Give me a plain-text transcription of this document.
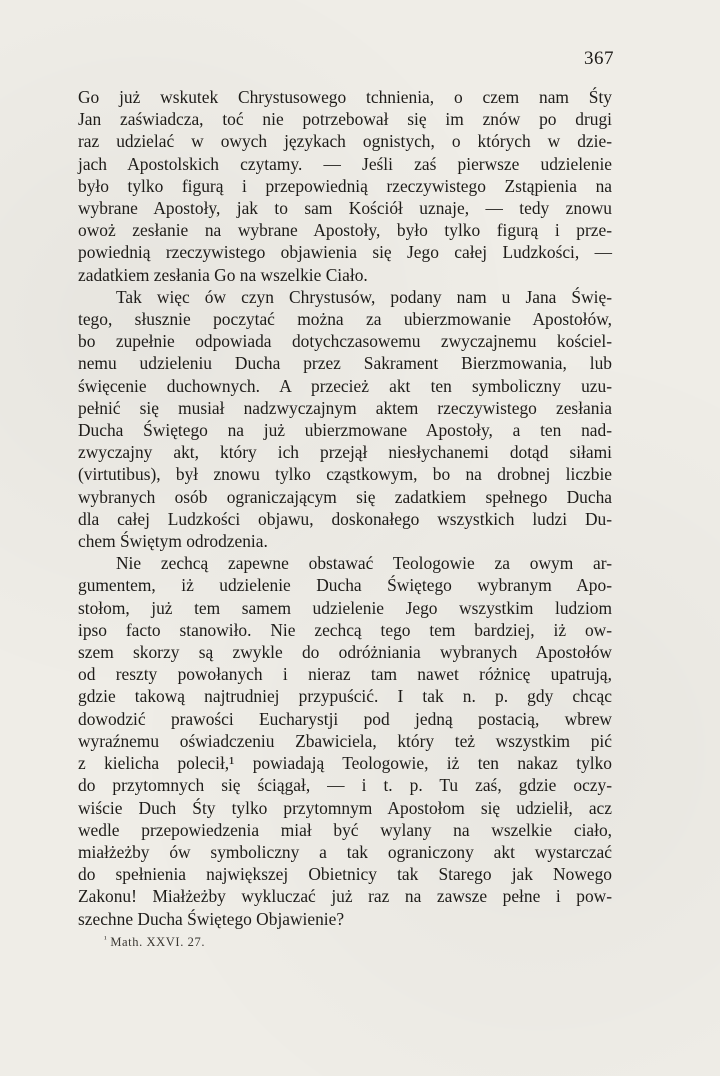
367
Go już wskutek Chrystusowego tchnienia, o czem nam Śty
Jan zaświadcza, toć nie potrzebował się im znów po drugi
raz udzielać w owych językach ognistych, o których w dzie-
jach Apostolskich czytamy. — Jeśli zaś pierwsze udzielenie
było tylko figurą i przepowiednią rzeczywistego Zstąpienia na
wybrane Apostoły, jak to sam Kościół uznaje, — tedy znowu
owoż zesłanie na wybrane Apostoły, było tylko figurą i prze-
powiednią rzeczywistego objawienia się Jego całej Ludzkości, —
zadatkiem zesłania Go na wszelkie Ciało.
Tak więc ów czyn Chrystusów, podany nam u Jana Świę-
tego, słusznie poczytać można za ubierzmowanie Apostołów,
bo zupełnie odpowiada dotychczasowemu zwyczajnemu kościel-
nemu udzieleniu Ducha przez Sakrament Bierzmowania, lub
święcenie duchownych. A przecież akt ten symboliczny uzu-
pełnić się musiał nadzwyczajnym aktem rzeczywistego zesłania
Ducha Świętego na już ubierzmowane Apostoły, a ten nad-
zwyczajny akt, który ich przejął niesłychanemi dotąd siłami
(virtutibus), był znowu tylko cząstkowym, bo na drobnej liczbie
wybranych osób ograniczającym się zadatkiem spełnego Ducha
dla całej Ludzkości objawu, doskonałego wszystkich ludzi Du-
chem Świętym odrodzenia.
Nie zechcą zapewne obstawać Teologowie za owym ar-
gumentem, iż udzielenie Ducha Świętego wybranym Apo-
stołom, już tem samem udzielenie Jego wszystkim ludziom
ipso facto stanowiło. Nie zechcą tego tem bardziej, iż ow-
szem skorzy są zwykle do odróżniania wybranych Apostołów
od reszty powołanych i nieraz tam nawet różnicę upatrują,
gdzie takową najtrudniej przypuścić. I tak n. p. gdy chcąc
dowodzić prawości Eucharystji pod jedną postacią, wbrew
wyraźnemu oświadczeniu Zbawiciela, który też wszystkim pić
z kielicha polecił,¹ powiadają Teologowie, iż ten nakaz tylko
do przytomnych się ściągał, — i t. p. Tu zaś, gdzie oczy-
wiście Duch Śty tylko przytomnym Apostołom się udzielił, acz
wedle przepowiedzenia miał być wylany na wszelkie ciało,
miałżeżby ów symboliczny a tak ograniczony akt wystarczać
do spełnienia największej Obietnicy tak Starego jak Nowego
Zakonu! Miałżeżby wykluczać już raz na zawsze pełne i pow-
szechne Ducha Świętego Objawienie?
$^{^1}$ Math. XXVI. 27.
